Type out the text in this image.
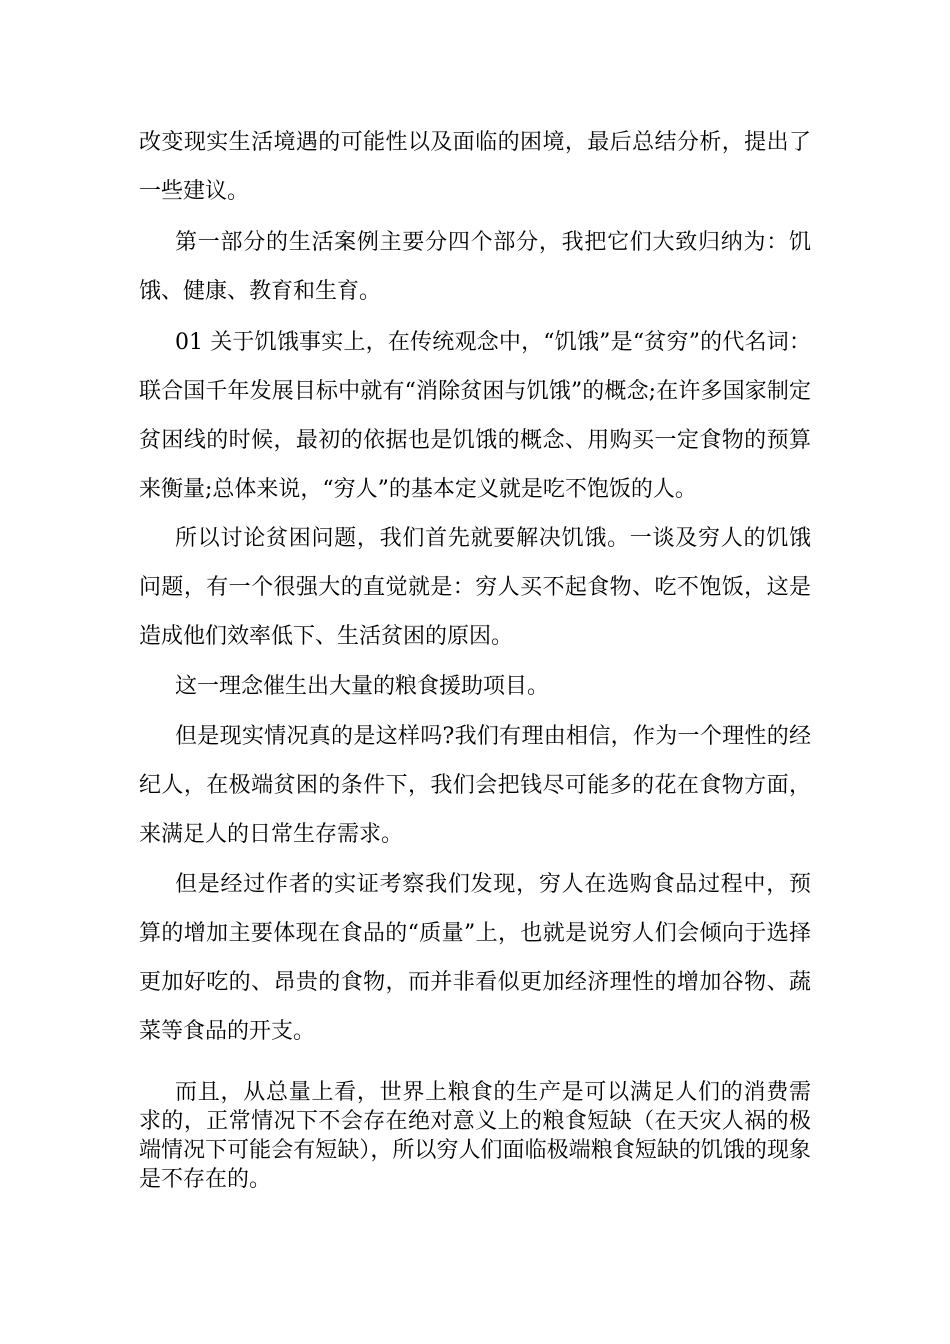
改变现实生活境遇的可能性以及面临的困境，最后总结分析，提出了一些建议。

第一部分的生活案例主要分四个部分，我把它们大致归纳为：饥饿、健康、教育和生育。

01 关于饥饿事实上，在传统观念中，“饥饿”是“贫穷”的代名词：联合国千年发展目标中就有“消除贫困与饥饿”的概念;在许多国家制定贫困线的时候，最初的依据也是饥饿的概念、用购买一定食物的预算来衡量;总体来说，“穷人”的基本定义就是吃不饱饭的人。

所以讨论贫困问题，我们首先就要解决饥饿。一谈及穷人的饥饿问题，有一个很强大的直觉就是：穷人买不起食物、吃不饱饭，这是造成他们效率低下、生活贫困的原因。

这一理念催生出大量的粮食援助项目。

但是现实情况真的是这样吗?我们有理由相信，作为一个理性的经纪人，在极端贫困的条件下，我们会把钱尽可能多的花在食物方面，来满足人的日常生存需求。

但是经过作者的实证考察我们发现，穷人在选购食品过程中，预算的增加主要体现在食品的“质量”上，也就是说穷人们会倾向于选择更加好吃的、昂贵的食物，而并非看似更加经济理性的增加谷物、蔬菜等食品的开支。

而且，从总量上看，世界上粮食的生产是可以满足人们的消费需求的，正常情况下不会存在绝对意义上的粮食短缺（在天灾人祸的极端情况下可能会有短缺），所以穷人们面临极端粮食短缺的饥饿的现象是不存在的。
